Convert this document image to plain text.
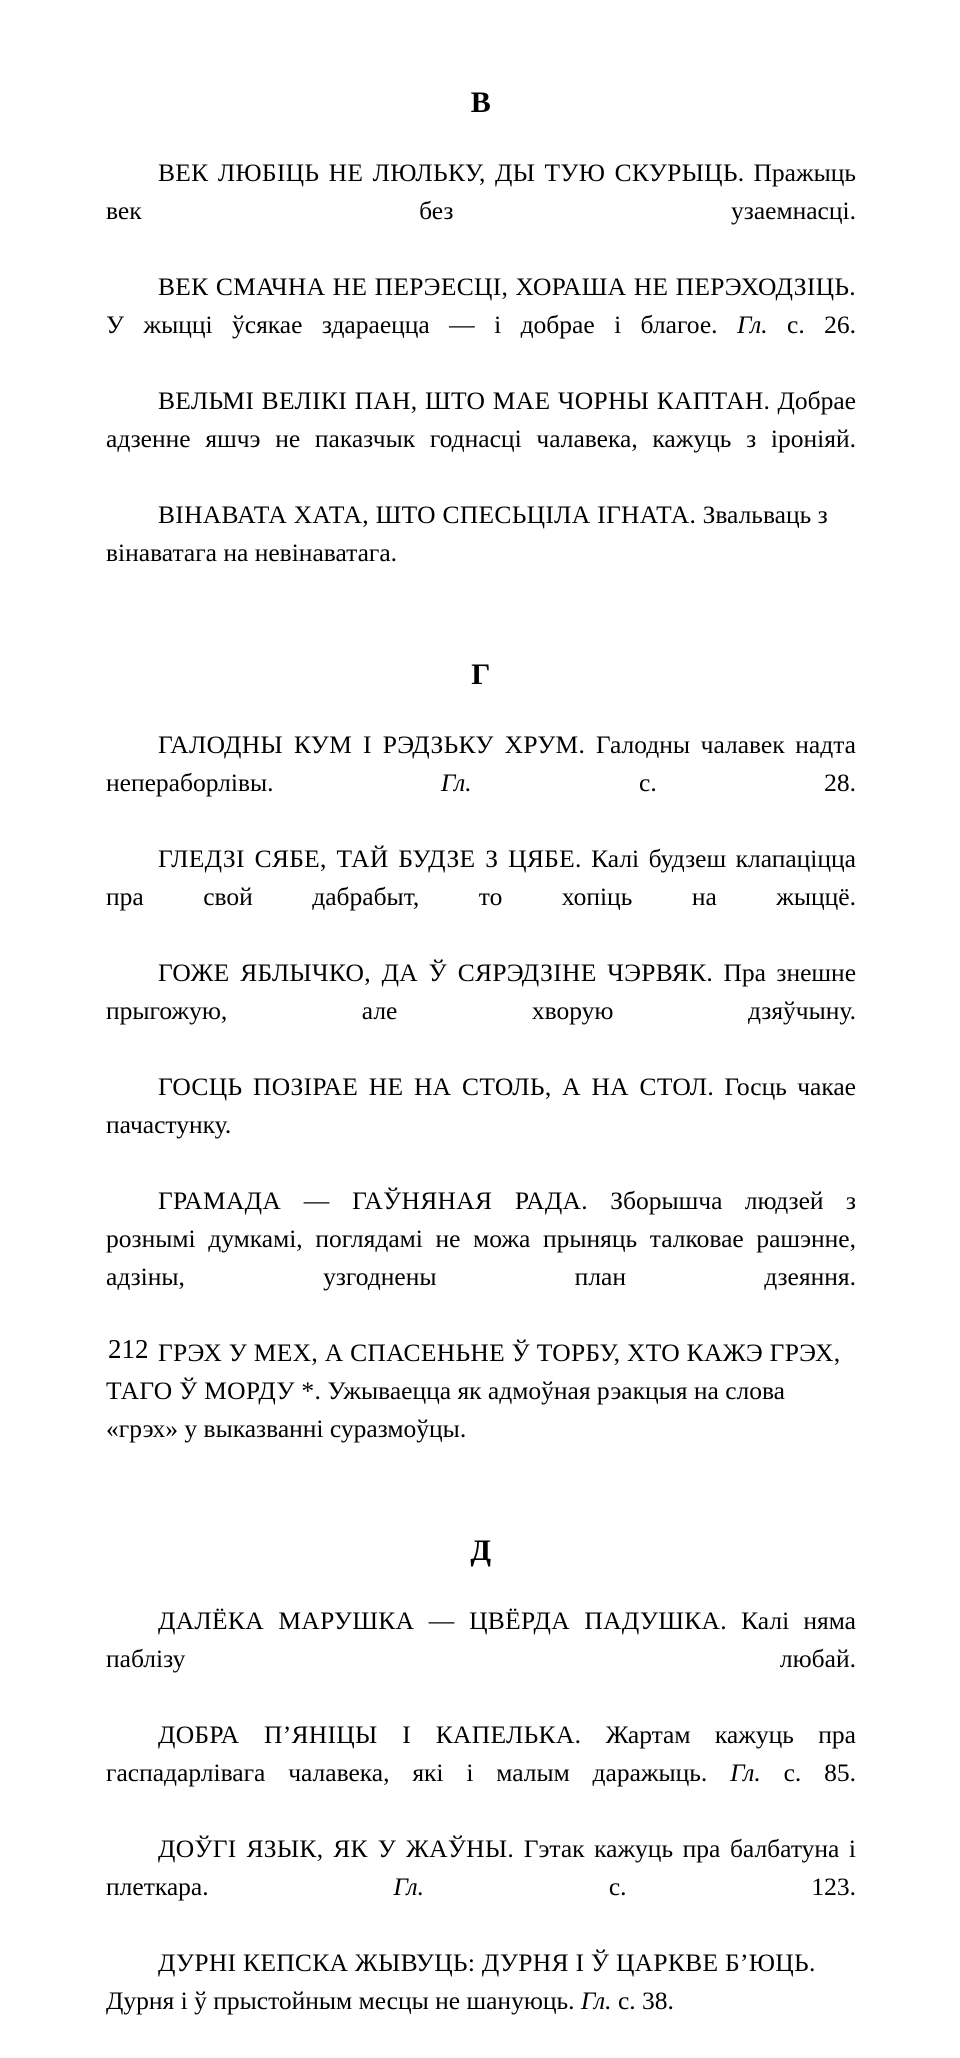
В

ВЕК ЛЮБІЦЬ НЕ ЛЮЛЬКУ, ДЫ ТУЮ СКУРЫЦЬ. Пражыць век без узаемнасці.

ВЕК СМАЧНА НЕ ПЕРЭЕСЦІ, ХОРАША НЕ ПЕРЭХОДЗІЦЬ. У жыцці ўсякае здараецца — і добрае і благое. Гл. с. 26.

ВЕЛЬМІ ВЕЛІКІ ПАН, ШТО МАЕ ЧОРНЫ КАПТАН. Добрае адзенне яшчэ не паказчык годнасці чалавека, кажуць з іроніяй.

ВІНАВАТА ХАТА, ШТО СПЕСЬЦІЛА ІГНАТА. Звальваць з вінаватага на невінаватага.

Г

ГАЛОДНЫ КУМ І РЭДЗЬКУ ХРУМ. Галодны чалавек надта непераборлівы. Гл. с. 28.

ГЛЕДЗІ СЯБЕ, ТАЙ БУДЗЕ З ЦЯБЕ. Калі будзеш клапаціцца пра свой дабрабыт, то хопіць на жыццё.

ГОЖЕ ЯБЛЫЧКО, ДА Ў СЯРЭДЗІНЕ ЧЭРВЯК. Пра знешне прыгожую, але хворую дзяўчыну.

ГОСЦЬ ПОЗІРАЕ НЕ НА СТОЛЬ, А НА СТОЛ. Госць чакае пачастунку.

ГРАМАДА — ГАЎНЯНАЯ РАДА. Зборышча людзей з рознымі думкамі, поглядамі не можа прыняць талковае рашэнне, адзіны, узгоднены план дзеяння.

ГРЭХ У МЕХ, А СПАСЕНЬНЕ Ў ТОРБУ, ХТО КАЖЭ ГРЭХ, ТАГО Ў МОРДУ *. Ужываецца як адмоўная рэакцыя на слова «грэх» у выказванні суразмоўцы.

Д

ДАЛЁКА МАРУШКА — ЦВЁРДА ПАДУШКА. Калі няма паблізу любай.

ДОБРА П’ЯНІЦЫ І КАПЕЛЬКА. Жартам кажуць пра гаспадарлівага чалавека, які і малым даражыць. Гл. с. 85.

ДОЎГІ ЯЗЫК, ЯК У ЖАЎНЫ. Гэтак кажуць пра балбатуна і плеткара. Гл. с. 123.

ДУРНІ КЕПСКА ЖЫВУЦЬ: ДУРНЯ І Ў ЦАРКВЕ Б’ЮЦЬ. Дурня і ў прыстойным месцы не шануюць. Гл. с. 38.

212
